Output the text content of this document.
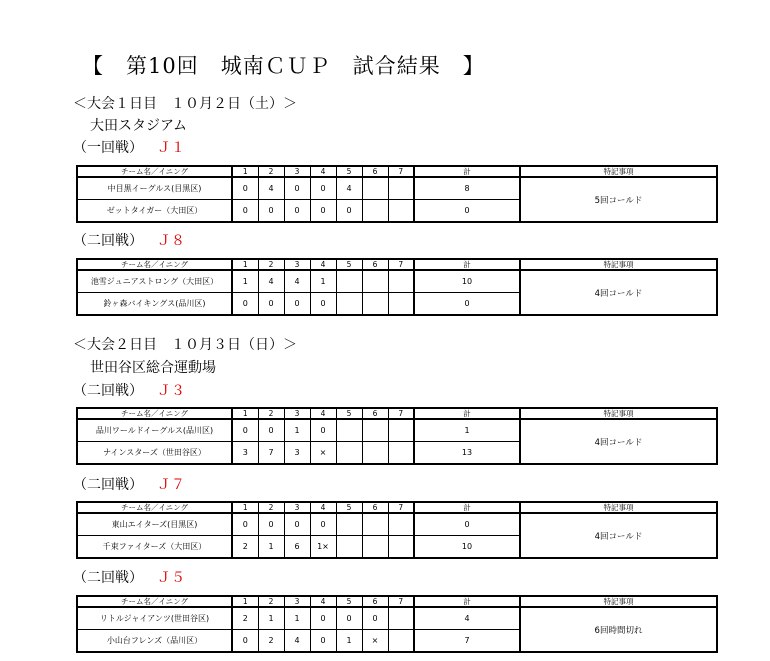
【　第10回　城南ＣＵＰ　試合結果　】
＜大会１日目　１０月２日（土）＞
大田スタジアム
＜大会２日目　１０月３日（日）＞
世田谷区総合運動場
（一回戦） Ｊ１
チーム名／イニング	1	2	3	4	5	6	7	計	特記事項
中目黒イーグルス(目黒区)	0	4	0	0	4			8	5回コールド
ゼットタイガー（大田区）	0	0	0	0	0			0	
（二回戦） Ｊ８
チーム名／イニング	1	2	3	4	5	6	7	計	特記事項
池雪ジュニアストロング（大田区）	1	4	4	1				10	4回コールド
鈴ヶ森バイキングス(品川区)	0	0	0	0				0	
（二回戦） Ｊ３
チーム名／イニング	1	2	3	4	5	6	7	計	特記事項
品川ワールドイーグルス(品川区)	0	0	1	0				1	4回コールド
ナインスターズ（世田谷区）	3	7	3	×				13	
（二回戦） Ｊ７
チーム名／イニング	1	2	3	4	5	6	7	計	特記事項
東山エイターズ(目黒区)	0	0	0	0				0	4回コールド
千束ファイターズ（大田区）	2	1	6	1×				10	
（二回戦） Ｊ５
チーム名／イニング	1	2	3	4	5	6	7	計	特記事項
リトルジャイアンツ(世田谷区)	2	1	1	0	0	0		4	6回時間切れ
小山台フレンズ（品川区）	0	2	4	0	1	×		7	
